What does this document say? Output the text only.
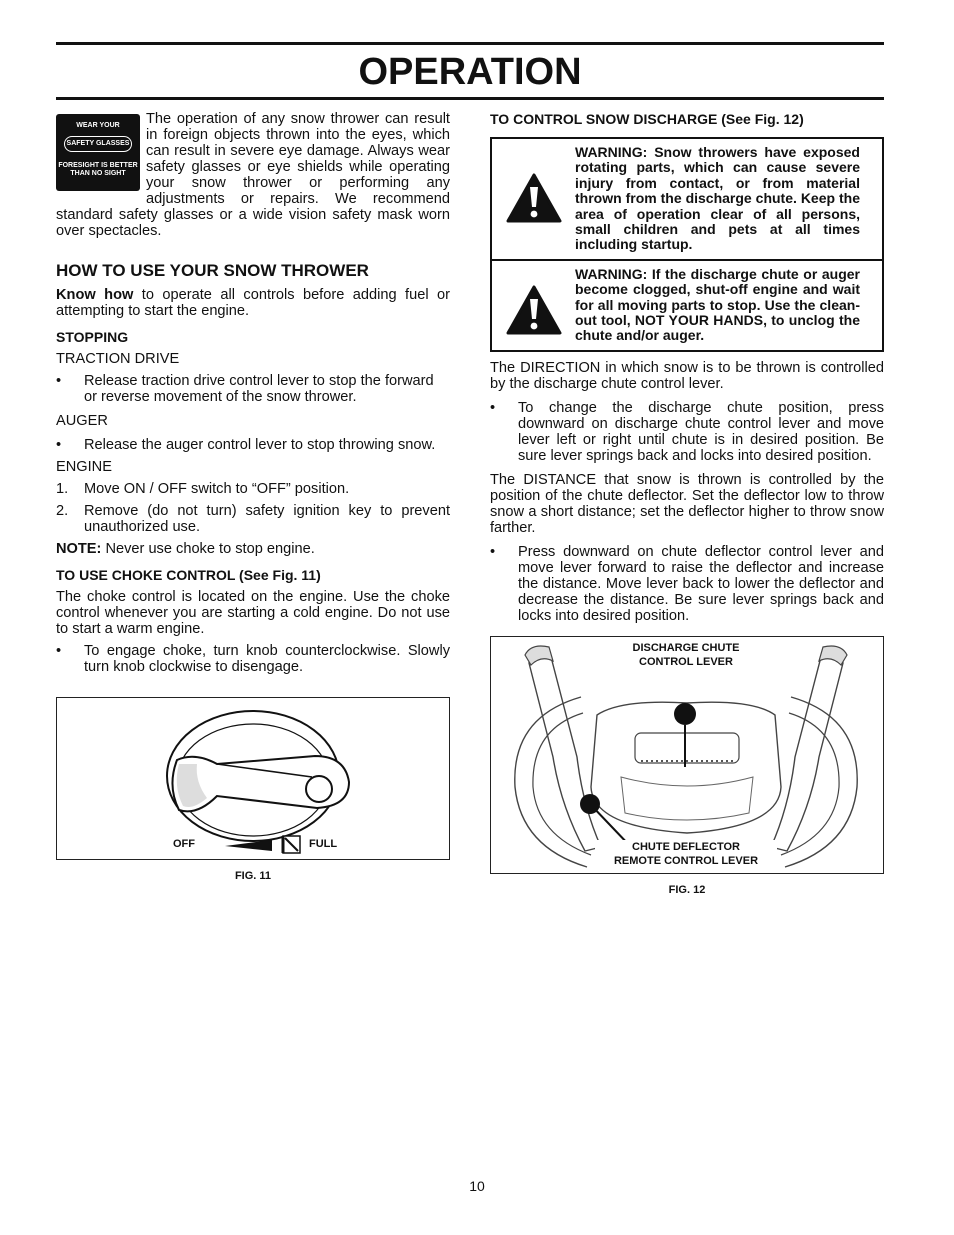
OPERATION
WEAR YOUR
SAFETY GLASSES
FORESIGHT IS BETTER THAN NO SIGHT

The operation of any snow thrower can result in foreign objects thrown into the eyes, which can result in severe eye damage. Always wear safety glasses or eye shields while operating your snow thrower or performing any adjustments or repairs. We recommend standard safety glasses or a wide vision safety mask worn over spectacles.

HOW TO USE YOUR SNOW THROWER

Know how to operate all controls before adding fuel or attempting to start the engine.

STOPPING

TRACTION DRIVE

• Release traction drive control lever to stop the forward or reverse movement of the snow thrower.

AUGER

• Release the auger control lever to stop throwing snow.

ENGINE

1. Move ON / OFF switch to “OFF” position.

2. Remove (do not turn) safety ignition key to prevent unauthorized use.

NOTE: Never use choke to stop engine.

TO USE CHOKE CONTROL (See Fig. 11)

The choke control is located on the engine. Use the choke control whenever you are starting a cold engine. Do not use to start a warm engine.

• To engage choke, turn knob counterclockwise. Slowly turn knob clockwise to disengage.

OFF	FULL
FIG. 11
TO CONTROL SNOW DISCHARGE (See Fig. 12)

WARNING: Snow throwers have exposed rotating parts, which can cause severe injury from contact, or from material thrown from the discharge chute. Keep the area of operation clear of all persons, small children and pets at all times including startup.

WARNING: If the discharge chute or auger become clogged, shut-off engine and wait for all moving parts to stop. Use the clean-out tool, NOT YOUR HANDS, to unclog the chute and/or auger.

The DIRECTION in which snow is to be thrown is controlled by the discharge chute control lever.

• To change the discharge chute position, press downward on discharge chute control lever and move lever left or right until chute is in desired position. Be sure lever springs back and locks into desired position.

The DISTANCE that snow is thrown is controlled by the position of the chute deflector. Set the deflector low to throw snow a short distance; set the deflector higher to throw snow farther.

• Press downward on chute deflector control lever and move lever forward to raise the deflector and increase the distance. Move lever back to lower the deflector and decrease the distance. Be sure lever springs back and locks into desired position.

DISCHARGE CHUTE
CONTROL LEVER
CHUTE DEFLECTOR
REMOTE CONTROL LEVER
FIG. 12
10
